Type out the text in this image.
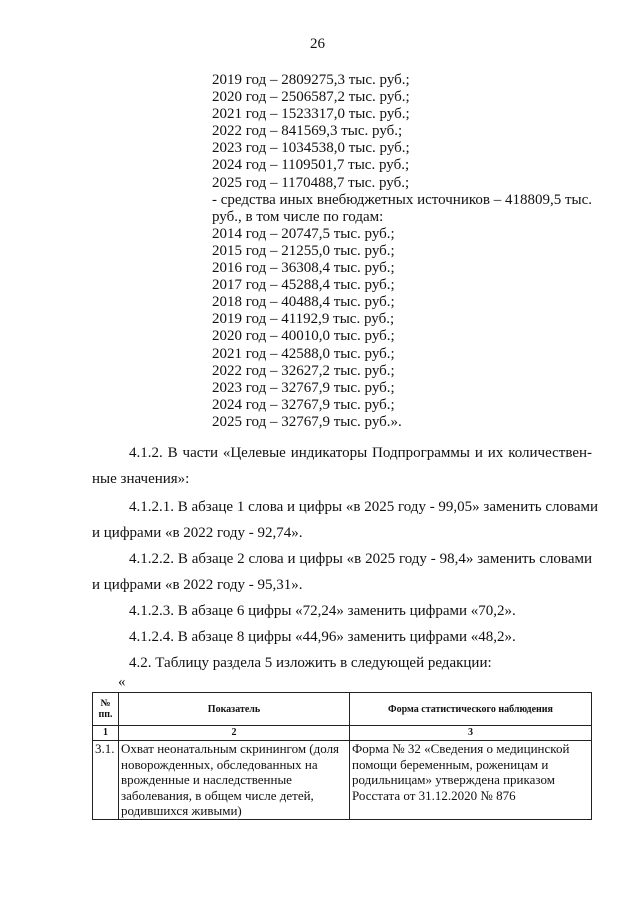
26
2019 год – 2809275,3 тыс. руб.;
2020 год – 2506587,2 тыс. руб.;
2021 год – 1523317,0 тыс. руб.;
2022 год – 841569,3 тыс. руб.;
2023 год – 1034538,0 тыс. руб.;
2024 год – 1109501,7 тыс. руб.;
2025 год – 1170488,7 тыс. руб.;
- средства иных внебюджетных источников – 418809,5 тыс. руб., в том числе по годам:
2014 год – 20747,5 тыс. руб.;
2015 год – 21255,0 тыс. руб.;
2016 год – 36308,4 тыс. руб.;
2017 год – 45288,4 тыс. руб.;
2018 год – 40488,4 тыс. руб.;
2019 год – 41192,9 тыс. руб.;
2020 год – 40010,0 тыс. руб.;
2021 год – 42588,0 тыс. руб.;
2022 год – 32627,2 тыс. руб.;
2023 год – 32767,9 тыс. руб.;
2024 год – 32767,9 тыс. руб.;
2025 год – 32767,9 тыс. руб.».

4.1.2. В части «Целевые индикаторы Подпрограммы и их количествен-
ные значения»:

4.1.2.1. В абзаце 1 слова и цифры «в 2025 году - 99,05» заменить словами
и цифрами «в 2022 году - 92,74».

4.1.2.2. В абзаце 2 слова и цифры «в 2025 году - 98,4» заменить словами
и цифрами «в 2022 году - 95,31».

4.1.2.3. В абзаце 6 цифры «72,24» заменить цифрами «70,2».

4.1.2.4. В абзаце 8 цифры «44,96» заменить цифрами «48,2».

4.2. Таблицу раздела 5 изложить в следующей редакции:

«
№ пп.	Показатель	Форма статистического наблюдения
1	2	3
3.1.	Охват неонатальным скринингом (доля новорожденных, обследованных на врожденные и наследственные заболевания, в общем числе детей, родившихся живыми)	Форма № 32 «Сведения о медицинской помощи беременным, роженицам и родильницам» утверждена приказом Росстата от 31.12.2020 № 876
